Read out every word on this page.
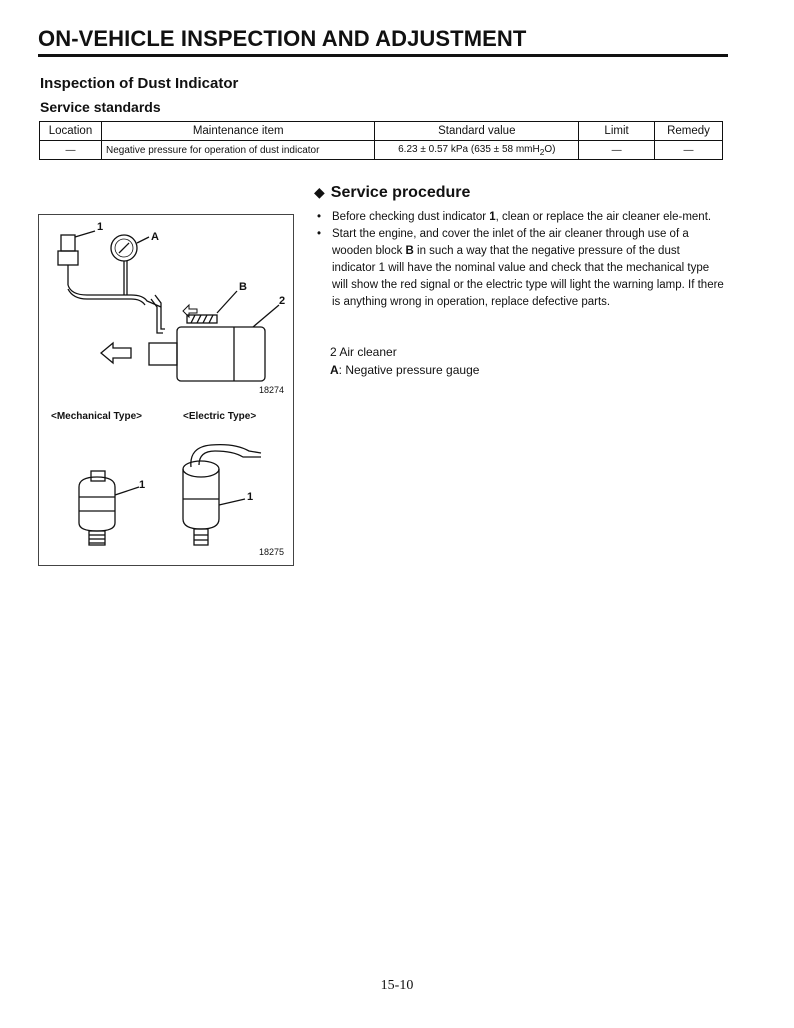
ON-VEHICLE INSPECTION AND ADJUSTMENT
Inspection of Dust Indicator
Service standards
Location	Maintenance item	Standard value	Limit	Remedy
—	Negative pressure for operation of dust indicator	6.23 ± 0.57 kPa (635 ± 58 mmH$_2$O)	—	—
1
A
B
2
18274
<Mechanical Type>	<Electric Type>
1
1
18275
◆ Service procedure
• Before checking dust indicator 1, clean or replace the air cleaner ele-ment.
• Start the engine, and cover the inlet of the air cleaner through use of a wooden block B in such a way that the negative pressure of the dust indicator 1 will have the nominal value and check that the mechanical type will show the red signal or the electric type will light the warning lamp. If there is anything wrong in operation, replace defective parts.
2 Air cleaner
A: Negative pressure gauge
15-10
